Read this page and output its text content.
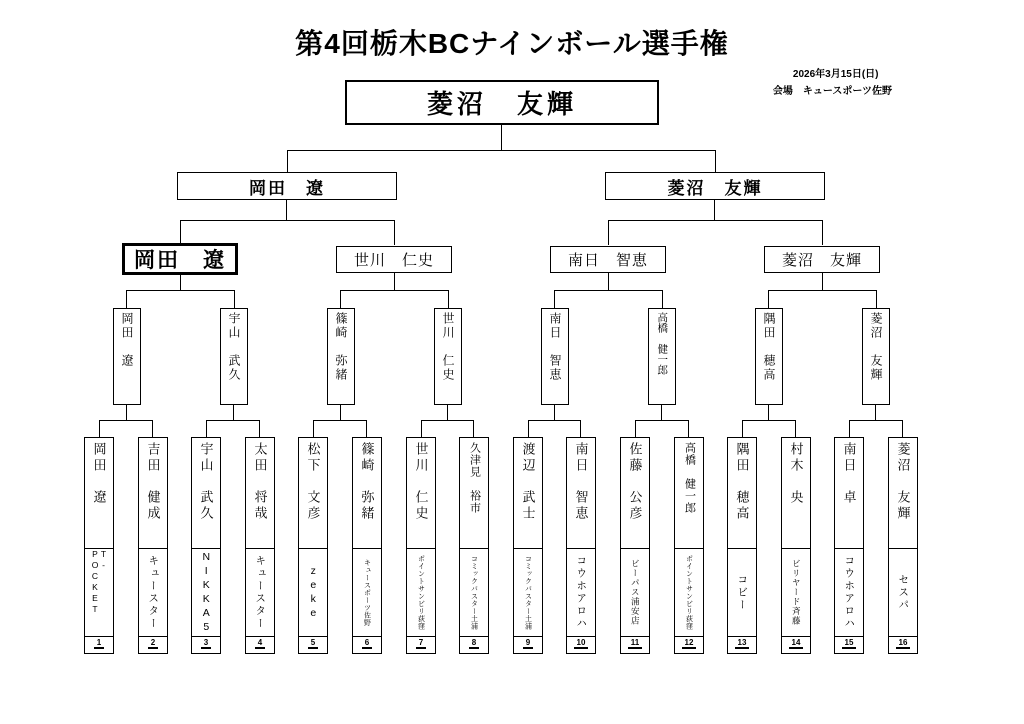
第4回栃木BCナインボール選手権
2026年3月15日(日)
会場　キュースポーツ佐野
菱沼　友輝
岡田　遼	菱沼　友輝
岡田　遼	世川　仁史	南日　智恵	菱沼　友輝
岡田　遼	宇山　武久	篠崎　弥緒	世川　仁史	南日　智恵	高橋　健一郎	隅田　穂高	菱沼　友輝
岡田　遼
T-POCKET
1
吉田　健成
キュースター
2
宇山　武久
NIKKA5
3
太田　将哉
キュースター
4
松下　文彦
zeke
5
篠崎　弥緒
キュースポーツ佐野
6
世川　仁史
ポイントサンビリ荻窪
7
久津見　裕市
コミックバスター土浦
8
渡辺　武士
コミックバスター土浦
9
南日　智恵
コウホアロハ
10
佐藤　公彦
ビーパス浦安店
11
高橋　健一郎
ポイントサンビリ荻窪
12
隅田　穂高
コビー
13
村木　央
ビリヤード斉藤
14
南日　卓
コウホアロハ
15
菱沼　友輝
セスパ
16
